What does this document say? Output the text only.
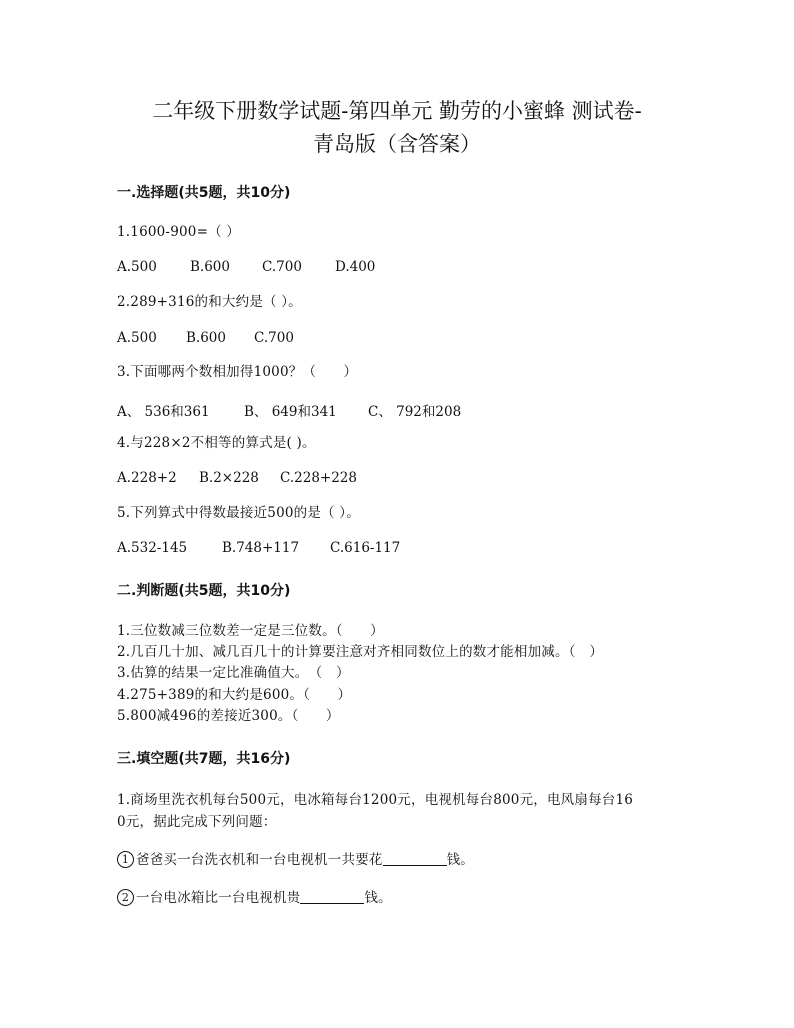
二年级下册数学试题-第四单元 勤劳的小蜜蜂 测试卷-
青岛版（含答案）
一.选择题(共5题，共10分)
1.1600-900=（ ）
A.500 B.600 C.700 D.400
2.289+316的和大约是（ ）。
A.500 B.600 C.700
3.下面哪两个数相加得1000？（　　）
A、 536和361	B、 649和341 C、 792和208
4.与228×2不相等的算式是( )。
A.228+2 B.2×228 C.228+228
5.下列算式中得数最接近500的是（ ）。
A.532-145	B.748+117 C.616-117
二.判断题(共5题，共10分)
1.三位数减三位数差一定是三位数。（　　）
2.几百几十加、减几百几十的计算要注意对齐相同数位上的数才能相加减。（　）
3.估算的结果一定比准确值大。　（　）
4.275+389的和大约是600。（　　）
5.800减496的差接近300。（　　）
三.填空题(共7题，共16分)
1.商场里洗衣机每台500元，电冰箱每台1200元，电视机每台800元，电风扇每台16
0元，据此完成下列问题：
1 爸爸买一台洗衣机和一台电视机一共要花	钱。
2 一台电冰箱比一台电视机贵	钱。
